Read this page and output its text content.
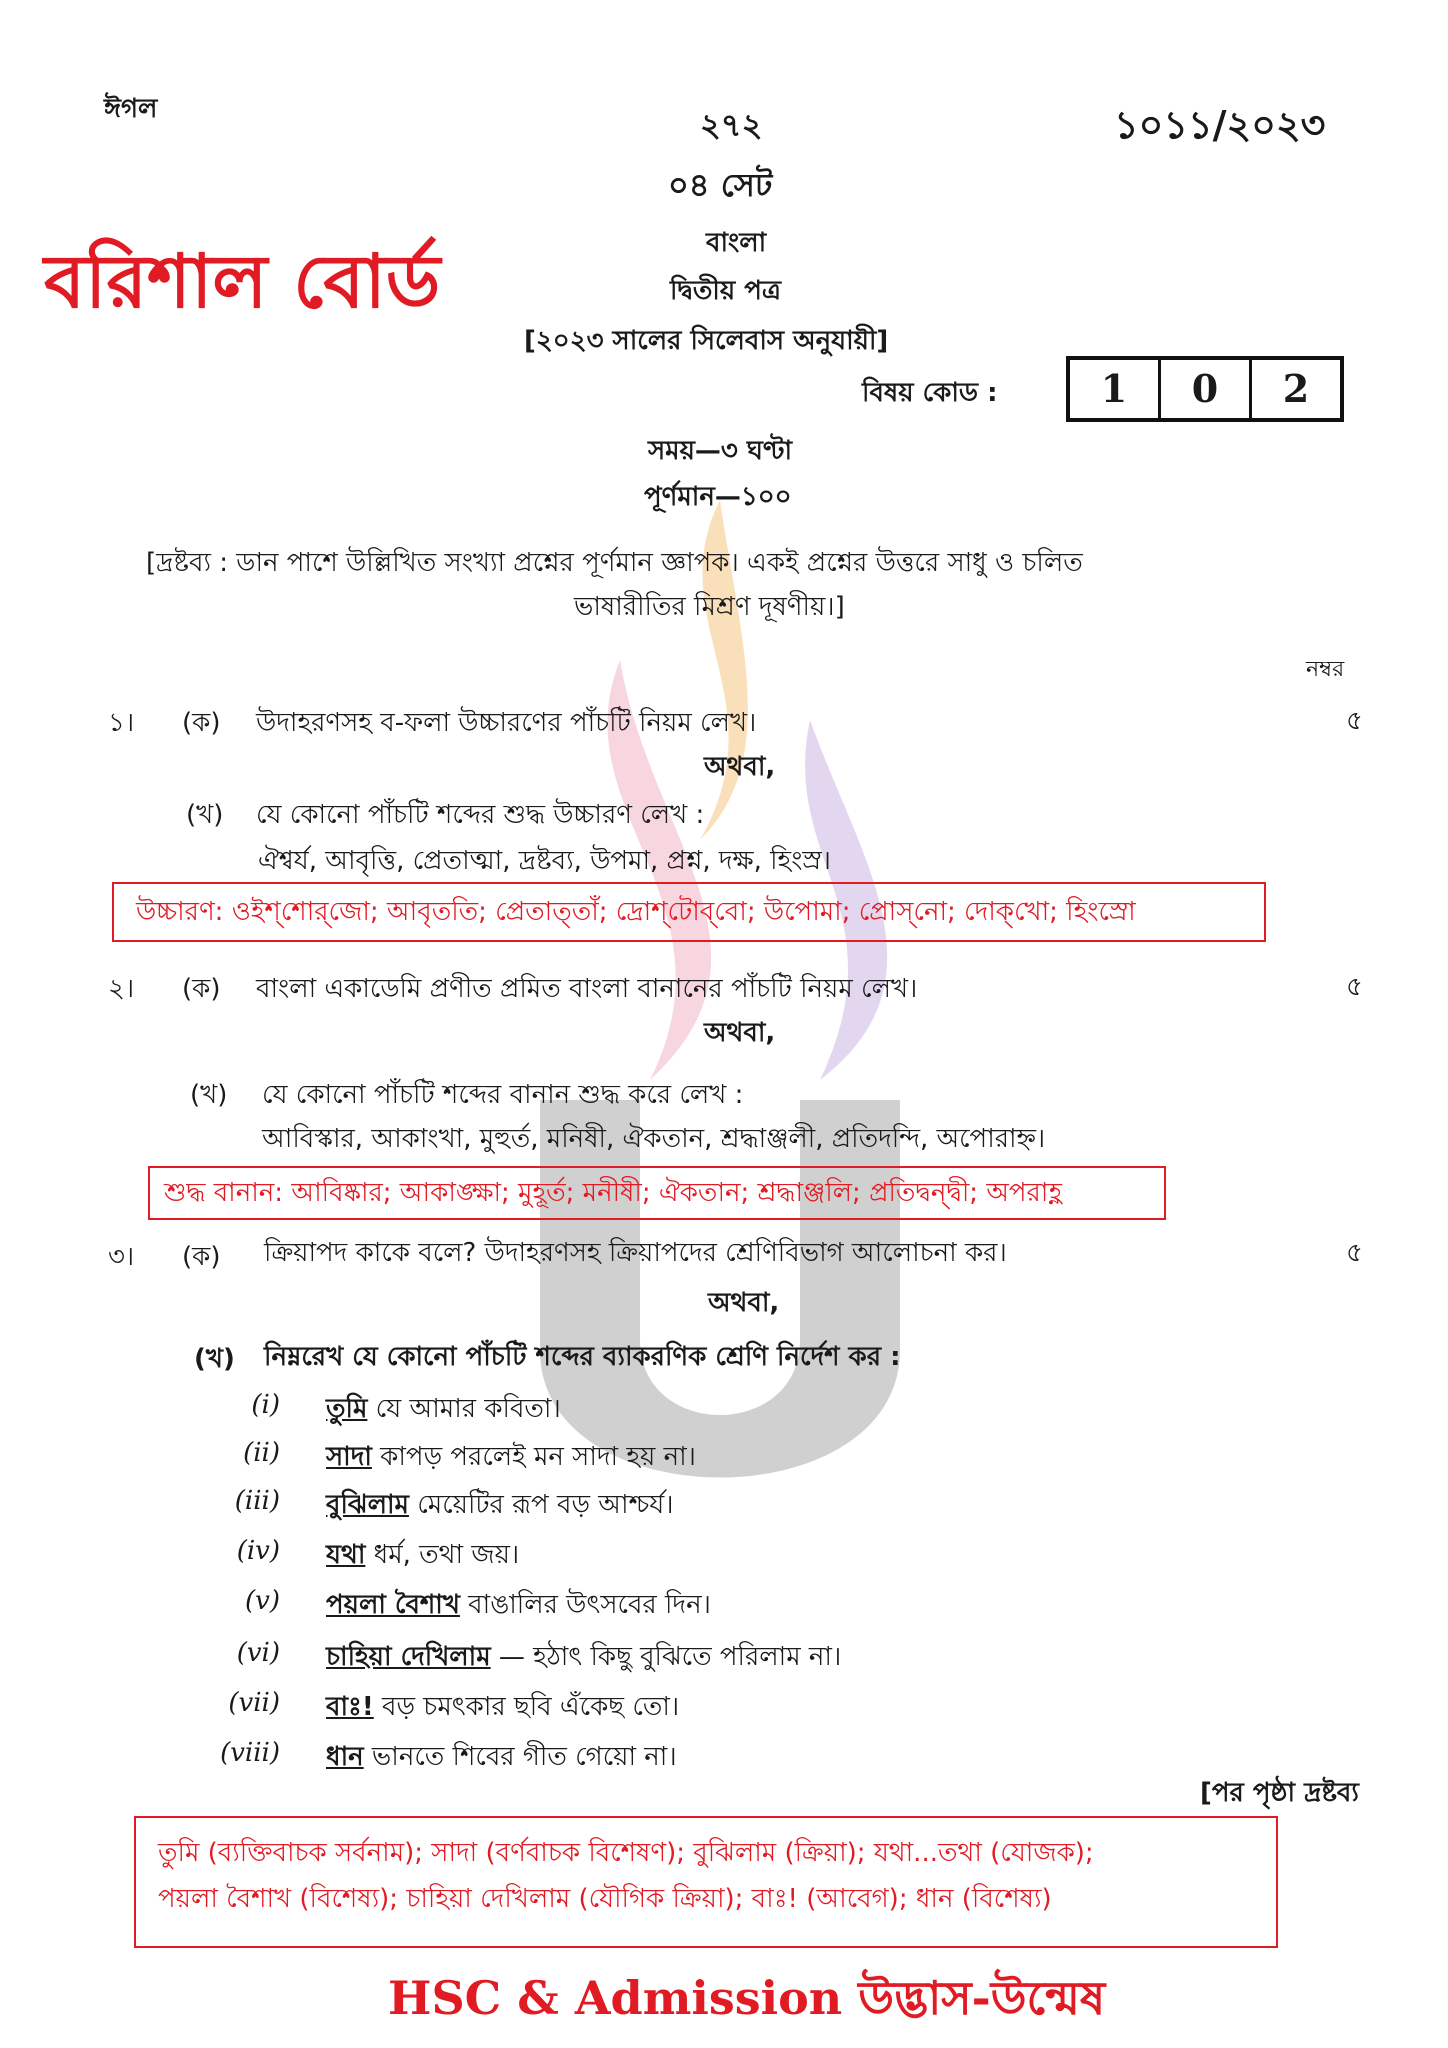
ঈগল	২৭২	১০১১/২০২৩
০৪ সেট
বরিশাল বোর্ড	বাংলা
দ্বিতীয় পত্র
[২০২৩ সালের সিলেবাস অনুযায়ী]
বিষয় কোড :	1	0	2
সময়—৩ ঘণ্টা
পূর্ণমান—১০০
[দ্রষ্টব্য : ডান পাশে উল্লিখিত সংখ্যা প্রশ্নের পূর্ণমান জ্ঞাপক। একই প্রশ্নের উত্তরে সাধু ও চলিত
ভাষারীতির মিশ্রণ দূষণীয়।]
নম্বর
১। (ক) উদাহরণসহ ব-ফলা উচ্চারণের পাঁচটি নিয়ম লেখ।	৫
অথবা,
(খ) যে কোনো পাঁচটি শব্দের শুদ্ধ উচ্চারণ লেখ :
ঐশ্বর্য, আবৃত্তি, প্রেতাত্মা, দ্রষ্টব্য, উপমা, প্রশ্ন, দক্ষ, হিংস্র।
উচ্চারণ: ওইশ্‌শোর্‌জো; আবৃততি; প্রেতাত্‌তাঁ; দ্রোশ্‌টোব্‌বো; উপোমা; প্রোস্‌নো; দোক্‌খো; হিংস্রো
২। (ক) বাংলা একাডেমি প্রণীত প্রমিত বাংলা বানানের পাঁচটি নিয়ম লেখ।	৫
অথবা,
(খ) যে কোনো পাঁচটি শব্দের বানান শুদ্ধ করে লেখ :
আবিস্কার, আকাংখা, মুহুর্ত, মনিষী, ঐকতান, শ্রদ্ধাঞ্জলী, প্রতিদন্দি, অপোরাহ্ন।
শুদ্ধ বানান: আবিষ্কার; আকাঙ্ক্ষা; মুহূর্ত; মনীষী; ঐকতান; শ্রদ্ধাঞ্জলি; প্রতিদ্বন্দ্বী; অপরাহ্ণ
৩। (ক) ক্রিয়াপদ কাকে বলে? উদাহরণসহ ক্রিয়াপদের শ্রেণিবিভাগ আলোচনা কর।	৫
অথবা,
(খ) নিম্নরেখ যে কোনো পাঁচটি শব্দের ব্যাকরণিক শ্রেণি নির্দেশ কর :
(i) তুমি যে আমার কবিতা।
(ii) সাদা কাপড় পরলেই মন সাদা হয় না।
(iii) বুঝিলাম মেয়েটির রূপ বড় আশ্চর্য।
(iv) যথা ধর্ম, তথা জয়।
(v) পয়লা বৈশাখ বাঙালির উৎসবের দিন।
(vi) চাহিয়া দেখিলাম — হঠাৎ কিছু বুঝিতে পরিলাম না।
(vii) বাঃ! বড় চমৎকার ছবি এঁকেছ তো।
(viii) ধান ভানতে শিবের গীত গেয়ো না।
[পর পৃষ্ঠা দ্রষ্টব্য
তুমি (ব্যক্তিবাচক সর্বনাম); সাদা (বর্ণবাচক বিশেষণ); বুঝিলাম (ক্রিয়া); যথা...তথা (যোজক);
পয়লা বৈশাখ (বিশেষ্য); চাহিয়া দেখিলাম (যৌগিক ক্রিয়া); বাঃ! (আবেগ); ধান (বিশেষ্য)
HSC & Admission উদ্ভাস-উন্মেষ
